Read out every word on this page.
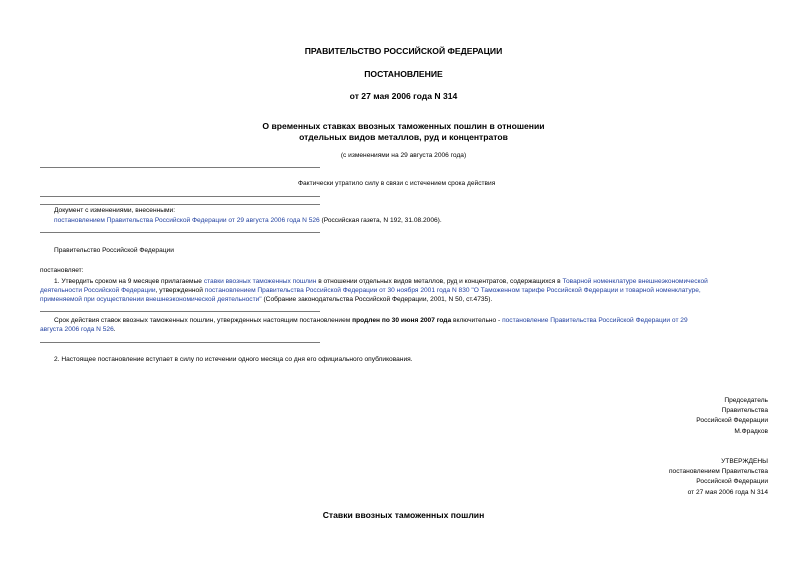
ПРАВИТЕЛЬСТВО РОССИЙСКОЙ ФЕДЕРАЦИИ
ПОСТАНОВЛЕНИЕ
от 27 мая 2006 года N 314
О временных ставках ввозных таможенных пошлин в отношении
отдельных видов металлов, руд и концентратов
(с изменениями на 29 августа 2006 года)
Фактически утратило силу в связи с истечением срока действия
Документ с изменениями, внесенными:
постановлением Правительства Российской Федерации от 29 августа 2006 года N 526 (Российская газета, N 192, 31.08.2006).
Правительство Российской Федерации
постановляет:
1. Утвердить сроком на 9 месяцев прилагаемые ставки ввозных таможенных пошлин в отношении отдельных видов металлов, руд и концентратов, содержащихся в Товарной номенклатуре внешнеэкономической
деятельности Российской Федерации, утвержденной постановлением Правительства Российской Федерации от 30 ноября 2001 года N 830 "О Таможенном тарифе Российской Федерации и товарной номенклатуре,
применяемой при осуществлении внешнеэкономической деятельности" (Собрание законодательства Российской Федерации, 2001, N 50, ст.4735).
Срок действия ставок ввозных таможенных пошлин, утвержденных настоящим постановлением продлен по 30 июня 2007 года включительно - постановление Правительства Российской Федерации от 29
августа 2006 года N 526.
2. Настоящее постановление вступает в силу по истечении одного месяца со дня его официального опубликования.
Председатель
Правительства
Российской Федерации
М.Фрадков
УТВЕРЖДЕНЫ
постановлением Правительства
Российской Федерации
от 27 мая 2006 года N 314
Ставки ввозных таможенных пошлин
